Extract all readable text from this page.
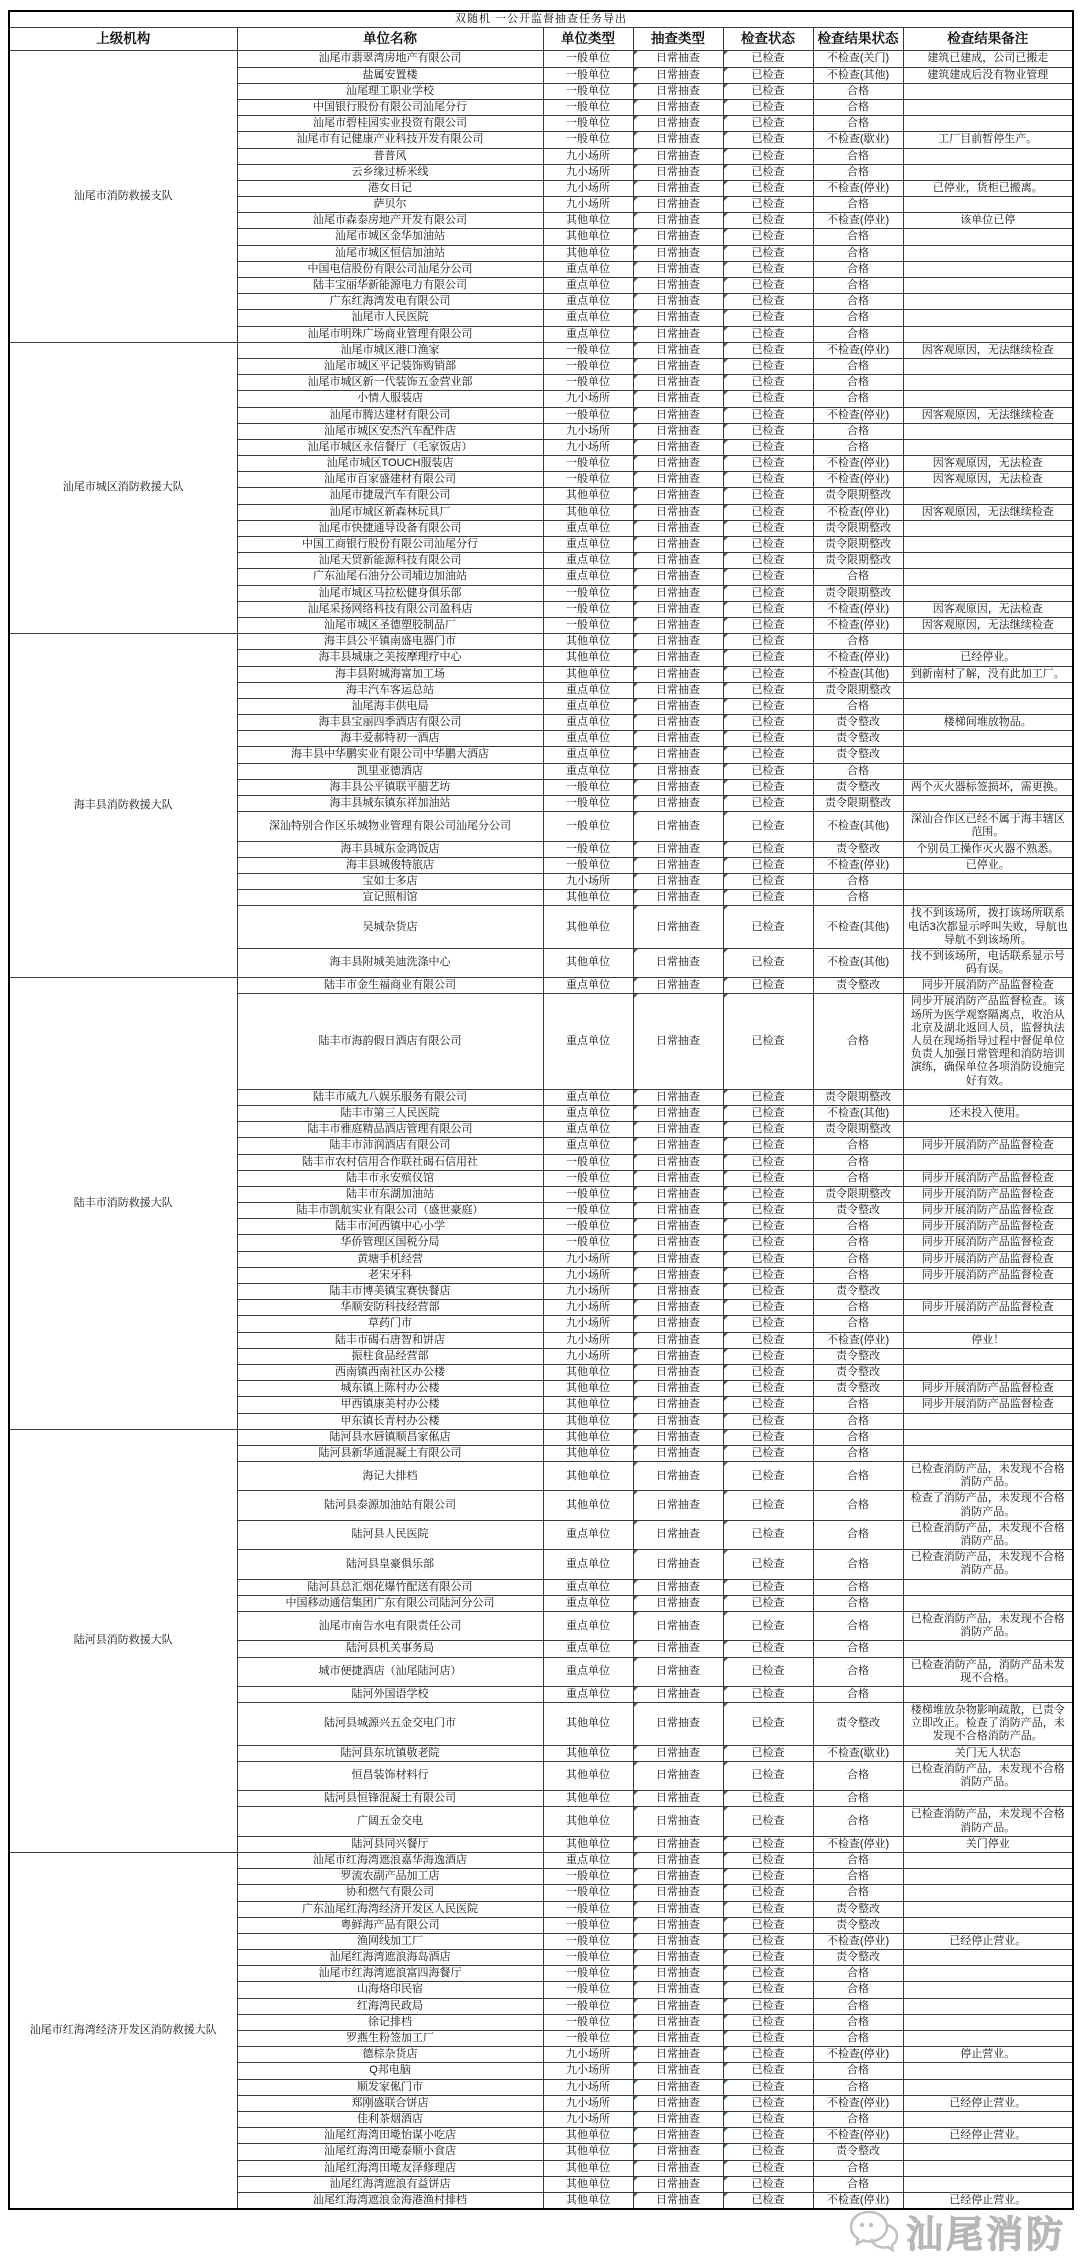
双随机 一公开监督抽查任务导出						
上级机构	单位名称	单位类型	抽查类型	检查状态	检查结果状态	检查结果备注
汕尾市消防救援支队	汕尾市翡翠湾房地产有限公司	一般单位	日常抽查	已检查	不检查(关门)	建筑已建成，公司已搬走
	盐属安置楼	一般单位	日常抽查	已检查	不检查(其他)	建筑建成后没有物业管理
	汕尾理工职业学校	一般单位	日常抽查	已检查	合格	
	中国银行股份有限公司汕尾分行	一般单位	日常抽查	已检查	合格	
	汕尾市碧桂园实业投资有限公司	一般单位	日常抽查	已检查	合格	
	汕尾市有记健康产业科技开发有限公司	一般单位	日常抽查	已检查	不检查(歇业)	工厂目前暂停生产。
	普普风	九小场所	日常抽查	已检查	合格	
	云乡缘过桥米线	九小场所	日常抽查	已检查	合格	
	港女日记	九小场所	日常抽查	已检查	不检查(停业)	已停业，货柜已搬离。
	萨贝尔	九小场所	日常抽查	已检查	合格	
	汕尾市森泰房地产开发有限公司	其他单位	日常抽查	已检查	不检查(停业)	该单位已停
	汕尾市城区金华加油站	其他单位	日常抽查	已检查	合格	
	汕尾市城区恒信加油站	其他单位	日常抽查	已检查	合格	
	中国电信股份有限公司汕尾分公司	重点单位	日常抽查	已检查	合格	
	陆丰宝丽华新能源电力有限公司	重点单位	日常抽查	已检查	合格	
	广东红海湾发电有限公司	重点单位	日常抽查	已检查	合格	
	汕尾市人民医院	重点单位	日常抽查	已检查	合格	
	汕尾市明珠广场商业管理有限公司	重点单位	日常抽查	已检查	合格	
汕尾市城区消防救援大队	汕尾市城区港口渔家	一般单位	日常抽查	已检查	不检查(停业)	因客观原因，无法继续检查
	汕尾市城区平记装饰购销部	一般单位	日常抽查	已检查	合格	
	汕尾市城区新一代装饰五金营业部	一般单位	日常抽查	已检查	合格	
	小情人服装店	九小场所	日常抽查	已检查	合格	
	汕尾市腾达建材有限公司	一般单位	日常抽查	已检查	不检查(停业)	因客观原因，无法继续检查
	汕尾市城区安杰汽车配件店	九小场所	日常抽查	已检查	合格	
	汕尾市城区永信餐厅（毛家饭店）	九小场所	日常抽查	已检查	合格	
	汕尾市城区TOUCH服装店	一般单位	日常抽查	已检查	不检查(停业)	因客观原因，无法检查
	汕尾市百家盛建材有限公司	一般单位	日常抽查	已检查	不检查(停业)	因客观原因，无法检查
	汕尾市捷晟汽车有限公司	其他单位	日常抽查	已检查	责令限期整改	
	汕尾市城区新森林玩具厂	其他单位	日常抽查	已检查	不检查(停业)	因客观原因，无法继续检查
	汕尾市快捷通导设备有限公司	重点单位	日常抽查	已检查	责令限期整改	
	中国工商银行股份有限公司汕尾分行	重点单位	日常抽查	已检查	责令限期整改	
	汕尾天贸新能源科技有限公司	重点单位	日常抽查	已检查	责令限期整改	
	广东汕尾石油分公司埔边加油站	重点单位	日常抽查	已检查	合格	
	汕尾市城区马拉松健身俱乐部	一般单位	日常抽查	已检查	责令限期整改	
	汕尾采扬网络科技有限公司盈科店	一般单位	日常抽查	已检查	不检查(停业)	因客观原因，无法检查
	汕尾市城区圣德塑胶制品厂	一般单位	日常抽查	已检查	不检查(停业)	因客观原因，无法继续检查
海丰县消防救援大队	海丰县公平镇南盛电器门市	其他单位	日常抽查	已检查	合格	
	海丰县城康之美按摩理疗中心	其他单位	日常抽查	已检查	不检查(停业)	已经停业。
	海丰县附城海富加工场	其他单位	日常抽查	已检查	不检查(其他)	到新南村了解，没有此加工厂。
	海丰汽车客运总站	重点单位	日常抽查	已检查	责令限期整改	
	汕尾海丰供电局	重点单位	日常抽查	已检查	合格	
	海丰县宝丽四季酒店有限公司	重点单位	日常抽查	已检查	责令整改	楼梯间堆放物品。
	海丰爱郝特初一酒店	重点单位	日常抽查	已检查	责令整改	
	海丰县中华鹏实业有限公司中华鹏大酒店	重点单位	日常抽查	已检查	责令整改	
	凯里亚德酒店	重点单位	日常抽查	已检查	合格	
	海丰县公平镇联平腊艺坊	一般单位	日常抽查	已检查	责令整改	两个灭火器标签损坏，需更换。
	海丰县城东镇东祥加油站	一般单位	日常抽查	已检查	责令限期整改	
	深汕特别合作区乐城物业管理有限公司汕尾分公司	一般单位	日常抽查	已检查	不检查(其他)	深汕合作区已经不属于海丰辖区范围。
	海丰县城东金鸿饭店	一般单位	日常抽查	已检查	责令整改	个别员工操作灭火器不熟悉。
	海丰县城俊特旅店	一般单位	日常抽查	已检查	不检查(停业)	已停业。
	宝如士多店	九小场所	日常抽查	已检查	合格	
	宣记照相馆	其他单位	日常抽查	已检查	合格	
	吴城杂货店	其他单位	日常抽查	已检查	不检查(其他)	找不到该场所，拨打该场所联系电话3次都显示呼叫失败，导航也导航不到该场所。
	海丰县附城美迪洗涤中心	其他单位	日常抽查	已检查	不检查(其他)	找不到该场所，电话联系显示号码有误。
陆丰市消防救援大队	陆丰市金生福商业有限公司	重点单位	日常抽查	已检查	责令整改	同步开展消防产品监督检查
	陆丰市海韵假日酒店有限公司	重点单位	日常抽查	已检查	合格	同步开展消防产品监督检查。该场所为医学观察隔离点，收治从北京及湖北返回人员，监督执法人员在现场指导过程中督促单位负责人加强日常管理和消防培训演练，确保单位各项消防设施完好有效。
	陆丰市威九八娱乐服务有限公司	重点单位	日常抽查	已检查	责令限期整改	
	陆丰市第三人民医院	重点单位	日常抽查	已检查	不检查(其他)	还未投入使用。
	陆丰市雅庭精品酒店管理有限公司	重点单位	日常抽查	已检查	责令限期整改	
	陆丰市沛润酒店有限公司	重点单位	日常抽查	已检查	合格	同步开展消防产品监督检查
	陆丰市农村信用合作联社碣石信用社	一般单位	日常抽查	已检查	合格	
	陆丰市永安殡仪馆	一般单位	日常抽查	已检查	合格	同步开展消防产品监督检查
	陆丰市东湖加油站	一般单位	日常抽查	已检查	责令限期整改	同步开展消防产品监督检查
	陆丰市凯航实业有限公司（盛世豪庭）	一般单位	日常抽查	已检查	责令整改	同步开展消防产品监督检查
	陆丰市河西镇中心小学	一般单位	日常抽查	已检查	合格	同步开展消防产品监督检查
	华侨管理区国税分局	一般单位	日常抽查	已检查	合格	同步开展消防产品监督检查
	黄塘手机经营	九小场所	日常抽查	已检查	合格	同步开展消防产品监督检查
	老宋牙科	九小场所	日常抽查	已检查	合格	同步开展消防产品监督检查
	陆丰市博美镇宝赛快餐店	九小场所	日常抽查	已检查	责令整改	
	华顺安防科技经营部	九小场所	日常抽查	已检查	合格	同步开展消防产品监督检查
	草药门市	九小场所	日常抽查	已检查	合格	
	陆丰市碣石唐智和饼店	九小场所	日常抽查	已检查	不检查(停业)	停业！
	振柱食品经营部	九小场所	日常抽查	已检查	责令整改	
	西南镇西南社区办公楼	其他单位	日常抽查	已检查	责令整改	
	城东镇上陈村办公楼	其他单位	日常抽查	已检查	责令整改	同步开展消防产品监督检查
	甲西镇康美村办公楼	其他单位	日常抽查	已检查	合格	同步开展消防产品监督检查
	甲东镇长青村办公楼	其他单位	日常抽查	已检查	合格	
陆河县消防救援大队	陆河县水唇镇顺昌家俬店	其他单位	日常抽查	已检查	合格	
	陆河县新华通混凝土有限公司	其他单位	日常抽查	已检查	合格	
	海记大排档	其他单位	日常抽查	已检查	合格	已检查消防产品，未发现不合格消防产品。
	陆河县泰源加油站有限公司	其他单位	日常抽查	已检查	合格	检查了消防产品，未发现不合格消防产品。
	陆河县人民医院	重点单位	日常抽查	已检查	合格	已检查消防产品，未发现不合格消防产品。
	陆河县皇豪俱乐部	重点单位	日常抽查	已检查	合格	已检查消防产品，未发现不合格消防产品。
	陆河县总汇烟花爆竹配送有限公司	重点单位	日常抽查	已检查	合格	
	中国移动通信集团广东有限公司陆河分公司	重点单位	日常抽查	已检查	合格	
	汕尾市南告水电有限责任公司	重点单位	日常抽查	已检查	合格	已检查消防产品，未发现不合格消防产品。
	陆河县机关事务局	重点单位	日常抽查	已检查	合格	
	城市便捷酒店（汕尾陆河店）	重点单位	日常抽查	已检查	合格	已检查消防产品，消防产品未发现不合格。
	陆河外国语学校	重点单位	日常抽查	已检查	合格	
	陆河县城源兴五金交电门市	其他单位	日常抽查	已检查	责令整改	楼梯堆放杂物影响疏散，已责令立即改正。检查了消防产品，未发现不合格消防产品。
	陆河县东坑镇敬老院	其他单位	日常抽查	已检查	不检查(歇业)	关门无人状态
	恒昌装饰材料行	其他单位	日常抽查	已检查	合格	已检查消防产品，未发现不合格消防产品。
	陆河县恒锋混凝土有限公司	其他单位	日常抽查	已检查	合格	
	广阔五金交电	其他单位	日常抽查	已检查	合格	已检查消防产品，未发现不合格消防产品。
	陆河县同兴餐厅	其他单位	日常抽查	已检查	不检查(停业)	关门停业
汕尾市红海湾经济开发区消防救援大队	汕尾市红海湾遮浪嘉华海逸酒店	重点单位	日常抽查	已检查	合格	
	罗流农副产品加工店	一般单位	日常抽查	已检查	合格	
	协和燃气有限公司	一般单位	日常抽查	已检查	合格	
	广东汕尾红海湾经济开发区人民医院	一般单位	日常抽查	已检查	责令整改	
	粤鲜海产品有限公司	一般单位	日常抽查	已检查	责令整改	
	渔网线加工厂	一般单位	日常抽查	已检查	不检查(停业)	已经停止营业。
	汕尾红海湾遮浪海岛酒店	一般单位	日常抽查	已检查	责令整改	
	汕尾市红海湾遮浪富四海餐厅	一般单位	日常抽查	已检查	合格	
	山海烙印民宿	一般单位	日常抽查	已检查	合格	
	红海湾民政局	一般单位	日常抽查	已检查	合格	
	徐记排档	一般单位	日常抽查	已检查	合格	
	罗燕生粉签加工厂	一般单位	日常抽查	已检查	合格	
	德棕杂货店	九小场所	日常抽查	已检查	不检查(停业)	停止营业。
	Q邦电脑	九小场所	日常抽查	已检查	合格	
	顺发家俬门市	九小场所	日常抽查	已检查	合格	
	郑刚盛联合饼店	九小场所	日常抽查	已检查	不检查(停业)	已经停止营业。
	佳利茶烟酒店	九小场所	日常抽查	已检查	合格	
	汕尾红海湾田墘怡谋小吃店	其他单位	日常抽查	已检查	不检查(停业)	已经停止营业。
	汕尾红海湾田墘泰顺小食店	其他单位	日常抽查	已检查	责令整改	
	汕尾红海湾田墘友泽修理店	其他单位	日常抽查	已检查	合格	
	汕尾红海湾遮浪有益饼店	其他单位	日常抽查	已检查	合格	
	汕尾红海湾遮浪金海港渔村排档	其他单位	日常抽查	已检查	不检查(停业)	已经停止营业。
汕尾消防
